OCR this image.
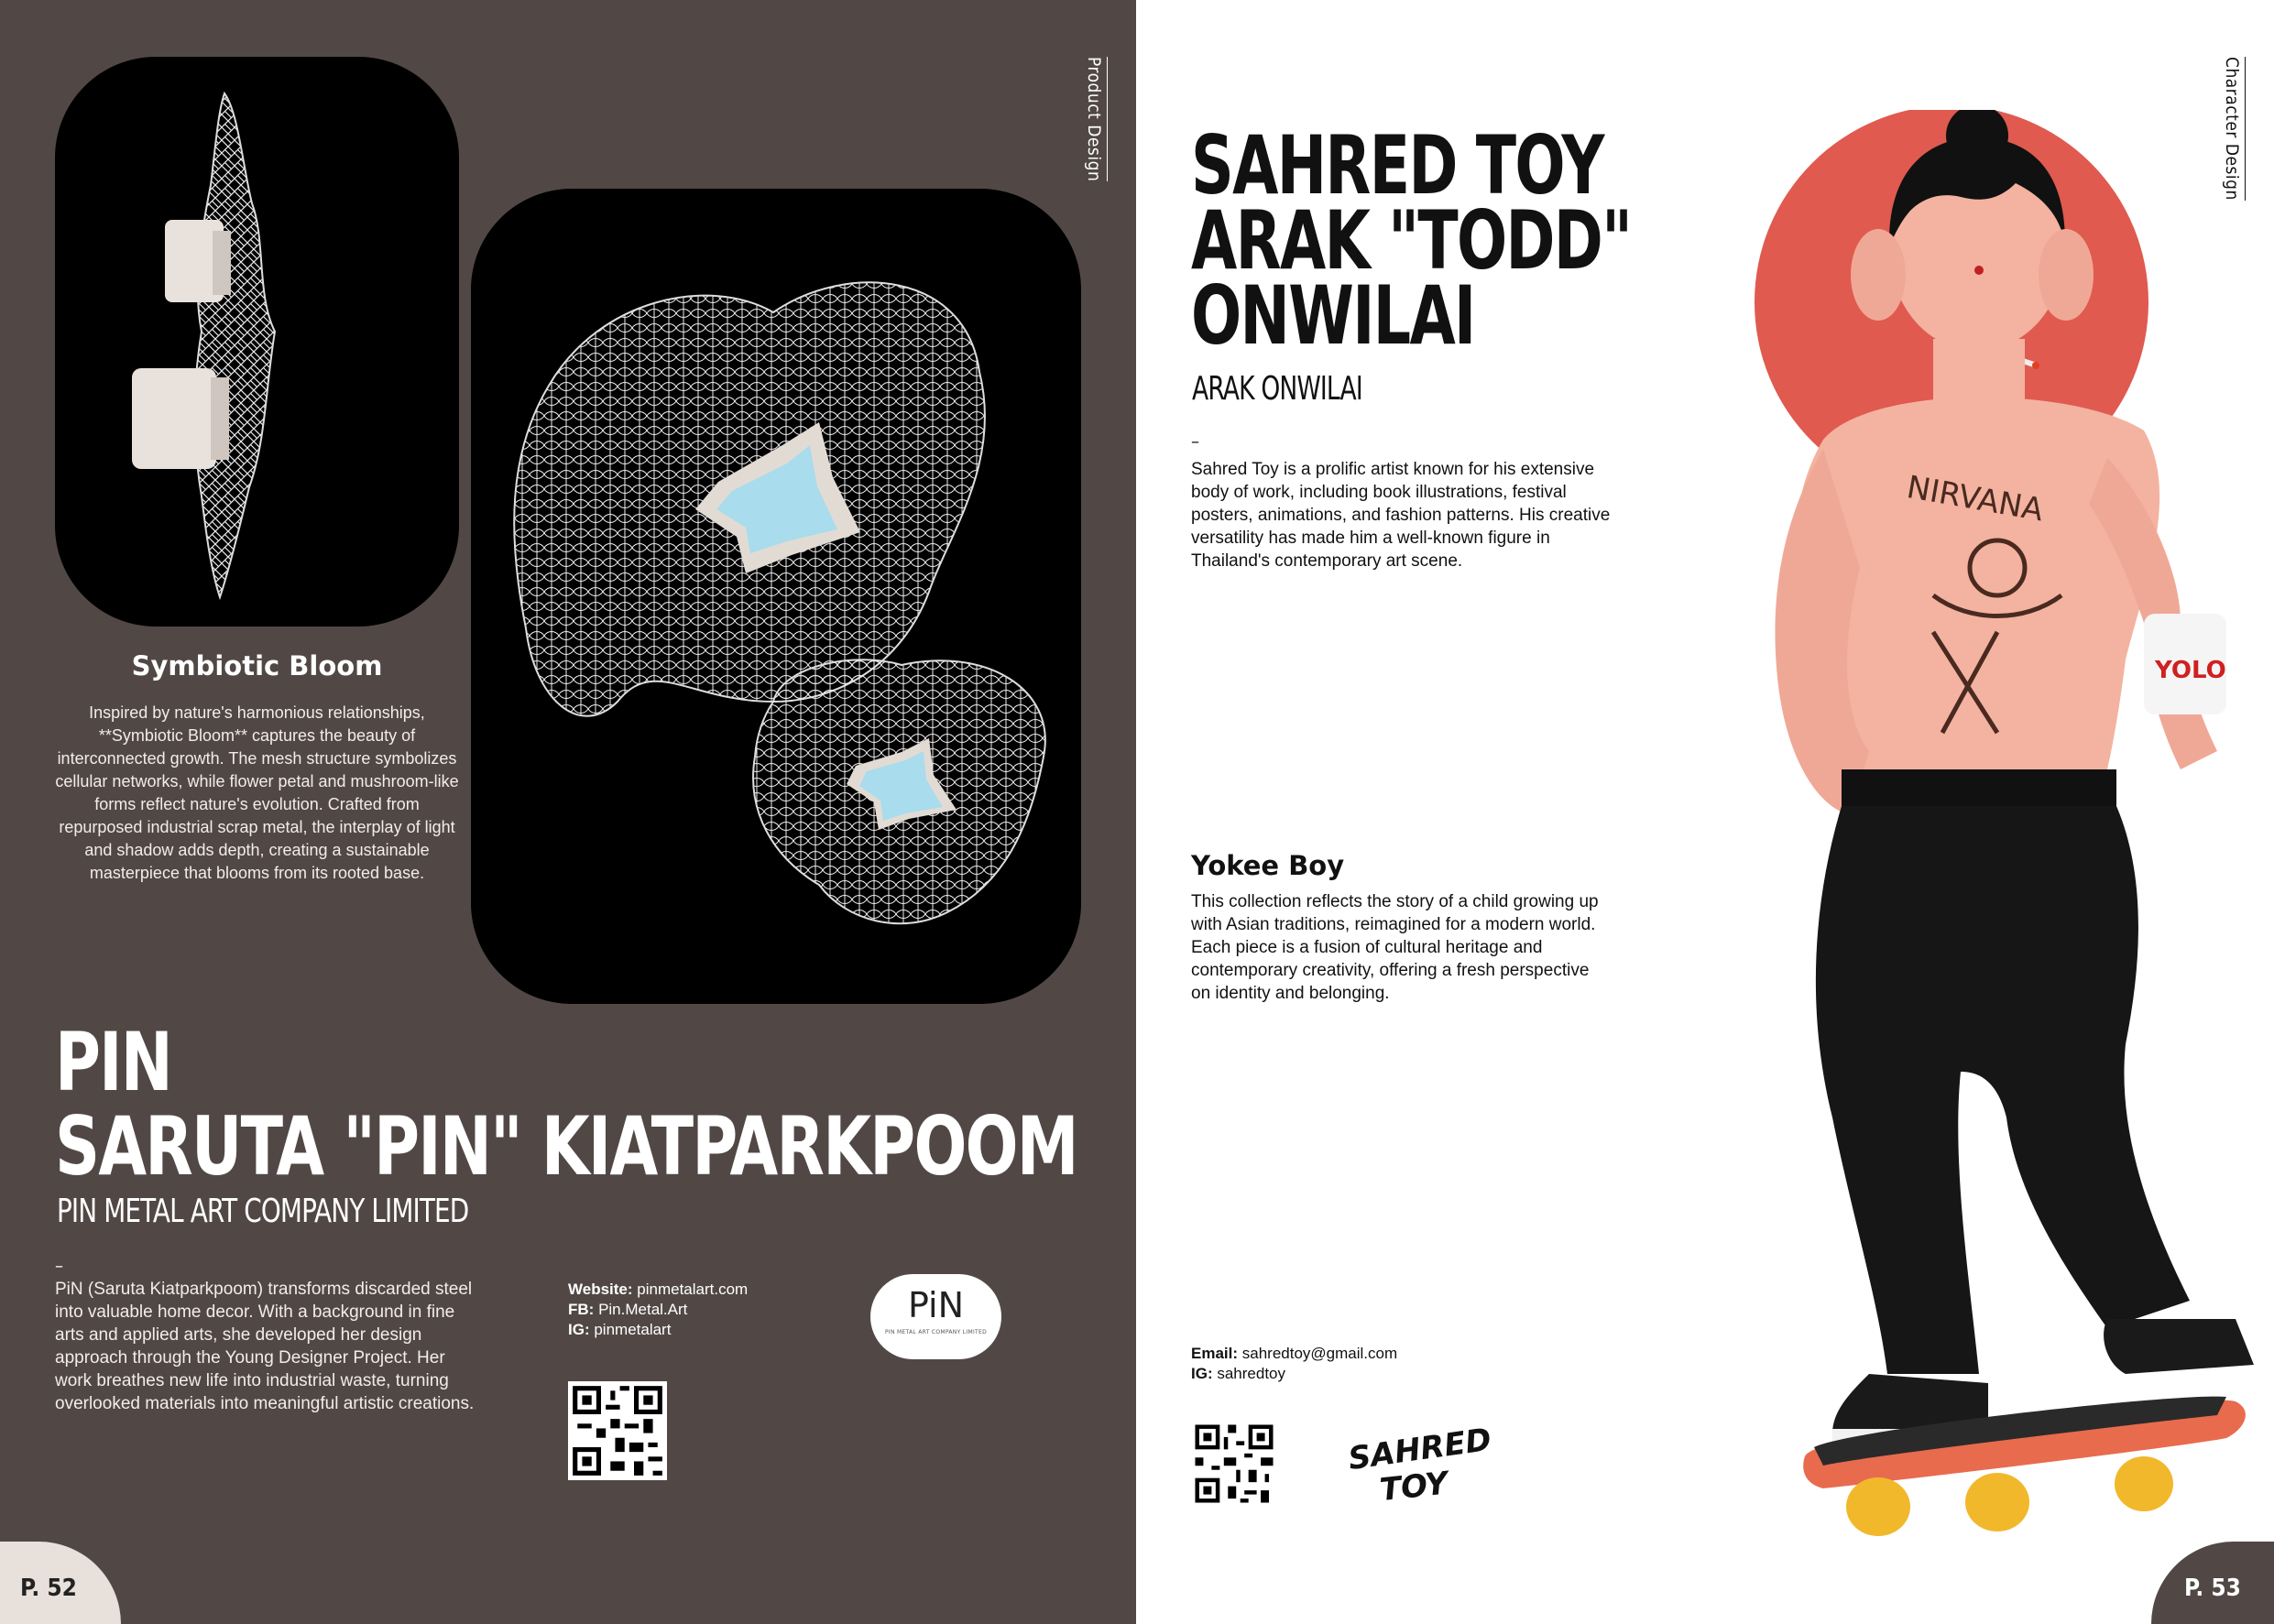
Product Design
Symbiotic Bloom
Inspired by nature's harmonious relationships, **Symbiotic Bloom** captures the beauty of interconnected growth. The mesh structure symbolizes cellular networks, while flower petal and mushroom-like forms reflect nature's evolution. Crafted from repurposed industrial scrap metal, the interplay of light and shadow adds depth, creating a sustainable masterpiece that blooms from its rooted base.
PIN
SARUTA "PIN" KIATPARKPOOM
PIN METAL ART COMPANY LIMITED
–
PiN (Saruta Kiatparkpoom) transforms discarded steel into valuable home decor. With a background in fine arts and applied arts, she developed her design approach through the Young Designer Project. Her work breathes new life into industrial waste, turning overlooked materials into meaningful artistic creations.
Website: pinmetalart.com
FB: Pin.Metal.Art
IG: pinmetalart
PiN
PIN METAL ART COMPANY LIMITED
P. 52
Character Design
SAHRED TOY
ARAK "TODD"
ONWILAI
ARAK ONWILAI
–
Sahred Toy is a prolific artist known for his extensive body of work, including book illustrations, festival posters, animations, and fashion patterns. His creative versatility has made him a well-known figure in Thailand's contemporary art scene.
Yokee Boy
This collection reflects the story of a child growing up with Asian traditions, reimagined for a modern world. Each piece is a fusion of cultural heritage and contemporary creativity, offering a fresh perspective on identity and belonging.
Email: sahredtoy@gmail.com
IG: sahredtoy
SAHRED
TOY
NIRVANA
YOLO
P. 53
